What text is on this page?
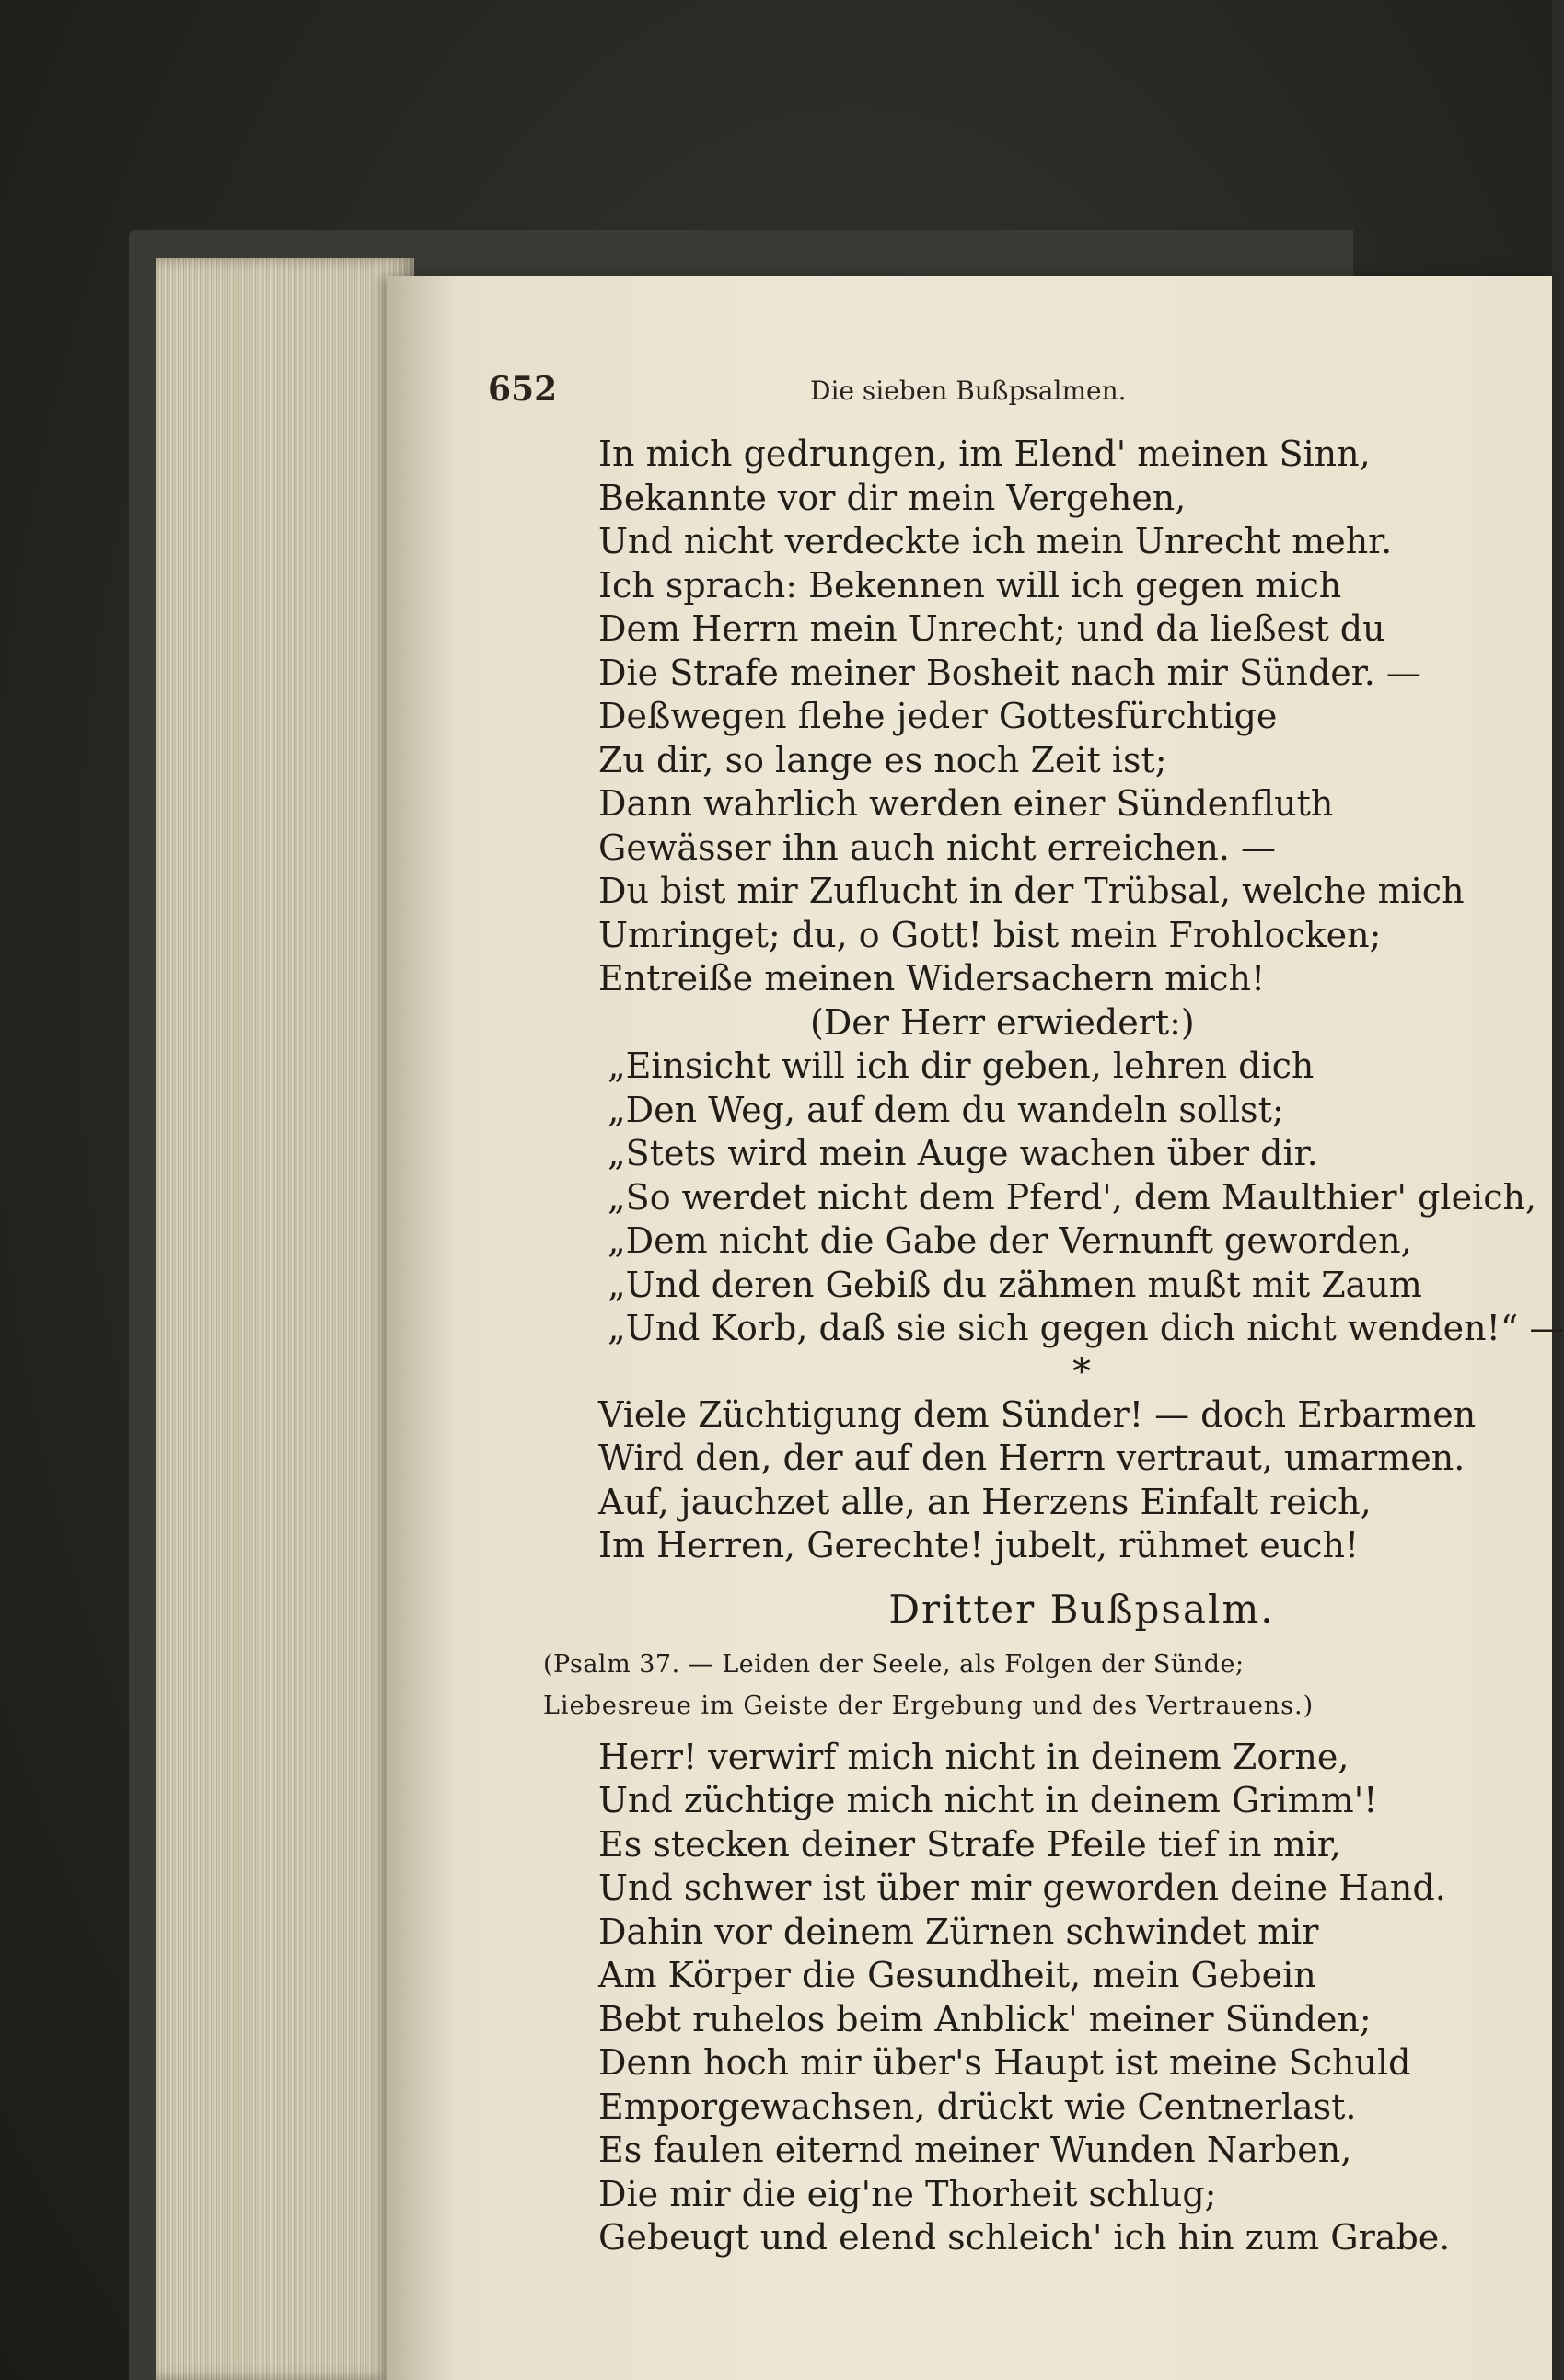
652	Die sieben Bußpsalmen.
In mich gedrungen, im Elend' meinen Sinn,
Bekannte vor dir mein Vergehen,
Und nicht verdeckte ich mein Unrecht mehr.
Ich sprach: Bekennen will ich gegen mich
Dem Herrn mein Unrecht; und da ließest du
Die Strafe meiner Bosheit nach mir Sünder. —
Deßwegen flehe jeder Gottesfürchtige
Zu dir, so lange es noch Zeit ist;
Dann wahrlich werden einer Sündenfluth
Gewässer ihn auch nicht erreichen. —
Du bist mir Zuflucht in der Trübsal, welche mich
Umringet; du, o Gott! bist mein Frohlocken;
Entreiße meinen Widersachern mich!
(Der Herr erwiedert:)
„Einsicht will ich dir geben, lehren dich
„Den Weg, auf dem du wandeln sollst;
„Stets wird mein Auge wachen über dir.
„So werdet nicht dem Pferd', dem Maulthier' gleich,
„Dem nicht die Gabe der Vernunft geworden,
„Und deren Gebiß du zähmen mußt mit Zaum
„Und Korb, daß sie sich gegen dich nicht wenden!“ —
*
Viele Züchtigung dem Sünder! — doch Erbarmen
Wird den, der auf den Herrn vertraut, umarmen.
Auf, jauchzet alle, an Herzens Einfalt reich,
Im Herren, Gerechte! jubelt, rühmet euch!
Dritter Bußpsalm.
(Psalm 37. — Leiden der Seele, als Folgen der Sünde;
Liebesreue im Geiste der Ergebung und des Vertrauens.)
Herr! verwirf mich nicht in deinem Zorne,
Und züchtige mich nicht in deinem Grimm'!
Es stecken deiner Strafe Pfeile tief in mir,
Und schwer ist über mir geworden deine Hand.
Dahin vor deinem Zürnen schwindet mir
Am Körper die Gesundheit, mein Gebein
Bebt ruhelos beim Anblick' meiner Sünden;
Denn hoch mir über's Haupt ist meine Schuld
Emporgewachsen, drückt wie Centnerlast.
Es faulen eiternd meiner Wunden Narben,
Die mir die eig'ne Thorheit schlug;
Gebeugt und elend schleich' ich hin zum Grabe.
